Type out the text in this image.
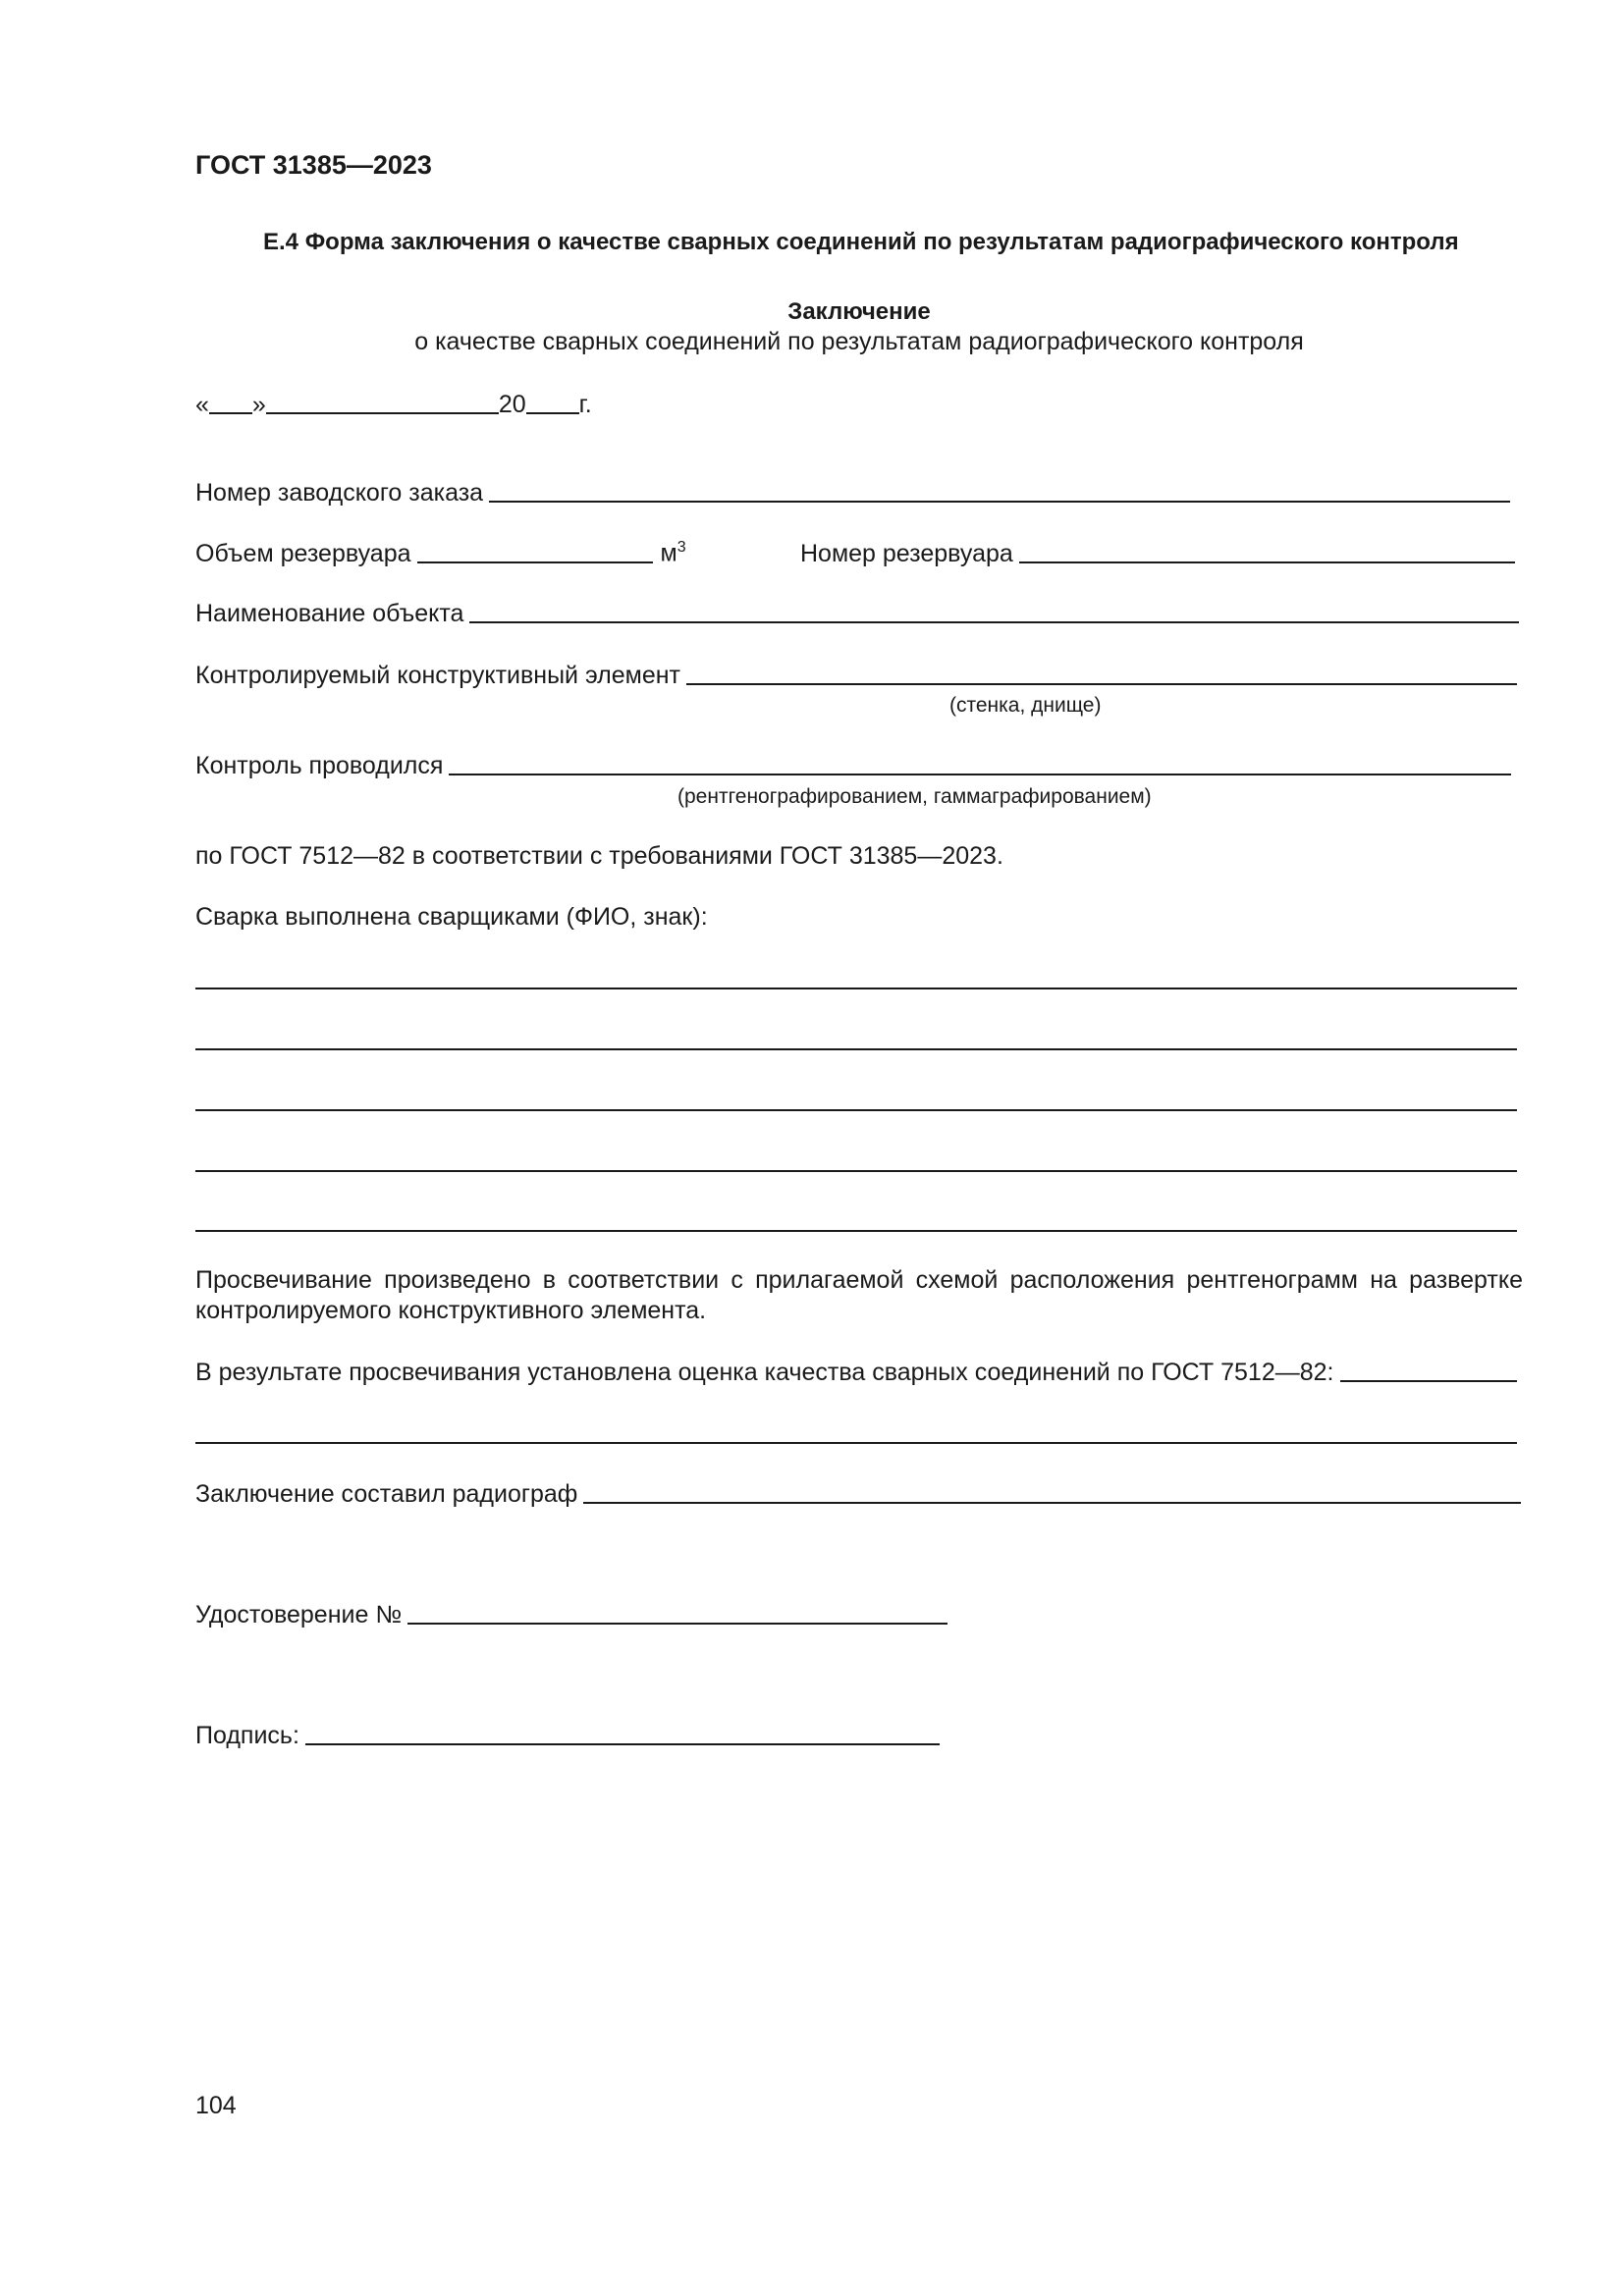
ГОСТ 31385—2023
Е.4 Форма заключения о качестве сварных соединений по результатам радиографического контроля
Заключение
о качестве сварных соединений по результатам радиографического контроля
« »	20 г.
Номер заводского заказа
Объем резервуара	$м^3$	Номер резервуара
Наименование объекта
Контролируемый конструктивный элемент
(стенка, днище)
Контроль проводился
(рентгенографированием, гаммаграфированием)
по ГОСТ 7512—82 в соответствии с требованиями ГОСТ 31385—2023.
Сварка выполнена сварщиками (ФИО, знак):
Просвечивание произведено в соответствии с прилагаемой схемой расположения рентгенограмм на развертке контролируемого конструктивного элемента.
В результате просвечивания установлена оценка качества сварных соединений по ГОСТ 7512—82:
Заключение составил радиограф
Удостоверение №
Подпись:
104
